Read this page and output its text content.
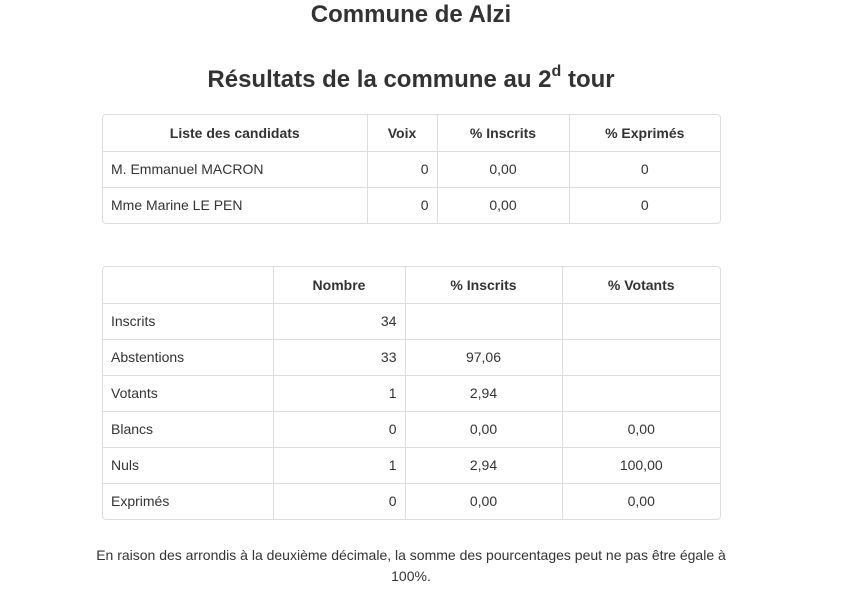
Commune de Alzi
Résultats de la commune au 2$^d$ tour
Liste des candidats	Voix	% Inscrits	% Exprimés
M. Emmanuel MACRON	0	0,00	0
Mme Marine LE PEN	0	0,00	0
	Nombre	% Inscrits	% Votants
Inscrits	34		
Abstentions	33	97,06	
Votants	1	2,94	
Blancs	0	0,00	0,00
Nuls	1	2,94	100,00
Exprimés	0	0,00	0,00

En raison des arrondis à la deuxième décimale, la somme des pourcentages peut ne pas être égale à 100%.
